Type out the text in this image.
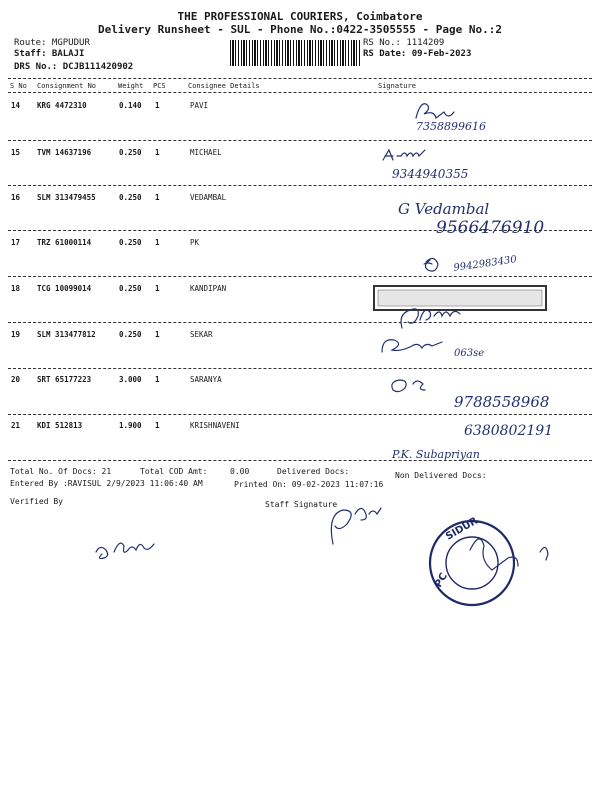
THE PROFESSIONAL COURIERS, Coimbatore
Delivery Runsheet - SUL - Phone No.:0422-3505555 - Page No.:2
Route: MGPUDUR
Staff: BALAJI
DRS No.: DCJB111420902
RS No.: 1114209
RS Date: 09-Feb-2023
S No Consignment No	Weight PCS	Consignee Details	Signature
14 KRG 4472310	0.140 1	PAVI
15 TVM 14637196	0.250 1	MICHAEL
16 SLM 313479455	0.250 1	VEDAMBAL
17 TRZ 61000114	0.250 1	PK
18 TCG 10099014	0.250 1	KANDIPAN
19 SLM 313477812	0.250 1	SEKAR
20 SRT 65177223	3.000 1	SARANYA
21 KDI 512813	1.900 1	KRISHNAVENI
Total No. Of Docs: 21	Total COD Amt:	0.00	Delivered Docs:	Non Delivered Docs:
Entered By :RAVISUL 2/9/2023 11:06:40 AM	Printed On: 09-02-2023 11:07:16
Verified By	Staff Signature
7358899616
9344940355
G Vedambal
9566476910
9942983430
063se
9788558968
6380802191
P.K. Subapriyan
SIDUR
PC
